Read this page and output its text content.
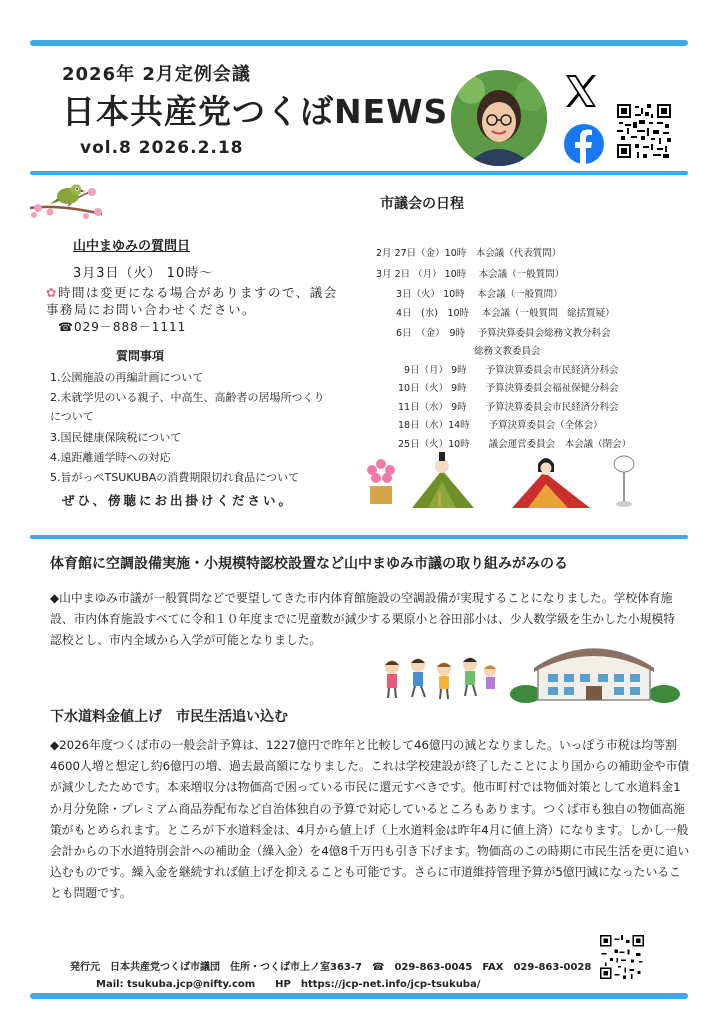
2026年 2月定例会議
日本共産党つくばNEWS
vol.8 2026.2.18
山中まゆみの質問日
3月3日（火） 10時～
✿時間は変更になる場合がありますので、議会事務局にお問い合わせください。
☎029－888－1111
質問事項
1.公園施設の再編計画について
2.未就学児のいる親子、中高生、高齢者の居場所つくりについて
3.国民健康保険税について
4.遠距離通学時への対応
5.旨がっぺTSUKUBAの消費期限切れ食品について
ぜひ、傍聴にお出掛けください。
市議会の日程
2月 27日（金）10時　本会議（代表質問）
3月 2日 （月） 10時　 本会議（一般質問）
3日（火） 10時　 本会議（一般質問）
4日　(水)　10時　 本会議（一般質問　総括質疑）
6日　（金）　9時　 予算決算委員会総務文教分科会
総務文教委員会
9日（月） 9時　　予算決算委員会市民経済分科会
10日（火） 9時　　予算決算委員会福祉保健分科会
11日（水） 9時　　予算決算委員会市民経済分科会
18日（水）14時　　予算決算委員会（全体会）
25日（火）10時　　議会運営委員会　本会議（閉会）
体育館に空調設備実施・小規模特認校設置など山中まゆみ市議の取り組みがみのる
◆山中まゆみ市議が一般質問などで要望してきた市内体育館施設の空調設備が実現することになりました。学校体育施設、市内体育施設すべてに令和１０年度までに児童数が減少する栗原小と谷田部小は、少人数学級を生かした小規模特認校とし、市内全域から入学が可能となりました。
下水道料金値上げ　市民生活追い込む
◆2026年度つくば市の一般会計予算は、1227億円で昨年と比較して46億円の減となりました。いっぽう市税は均等割4600人増と想定し約6億円の増、過去最高額になりました。これは学校建設が終了したことにより国からの補助金や市債が減少したためです。本来増収分は物価高で困っている市民に還元すべきです。他市町村では物価対策として水道料金1か月分免除・プレミアム商品券配布など自治体独自の予算で対応しているところもあります。つくば市も独自の物価高施策がもとめられます。ところが下水道料金は、4月から値上げ（上水道料金は昨年4月に値上済）になります。しかし一般会計からの下水道特別会計への補助金（繰入金）を4億8千万円も引き下げます。物価高のこの時期に市民生活を更に追い込むものです。繰入金を継続すれば値上げを抑えることも可能です。さらに市道維持管理予算が5億円減になったいることも問題です。
発行元　日本共産党つくば市議団　住所・つくば市上ノ室363-7　☎　029-863-0045　FAX　029-863-0028
Mail: tsukuba.jcp@nifty.com　　HP　https://jcp-net.info/jcp-tsukuba/
